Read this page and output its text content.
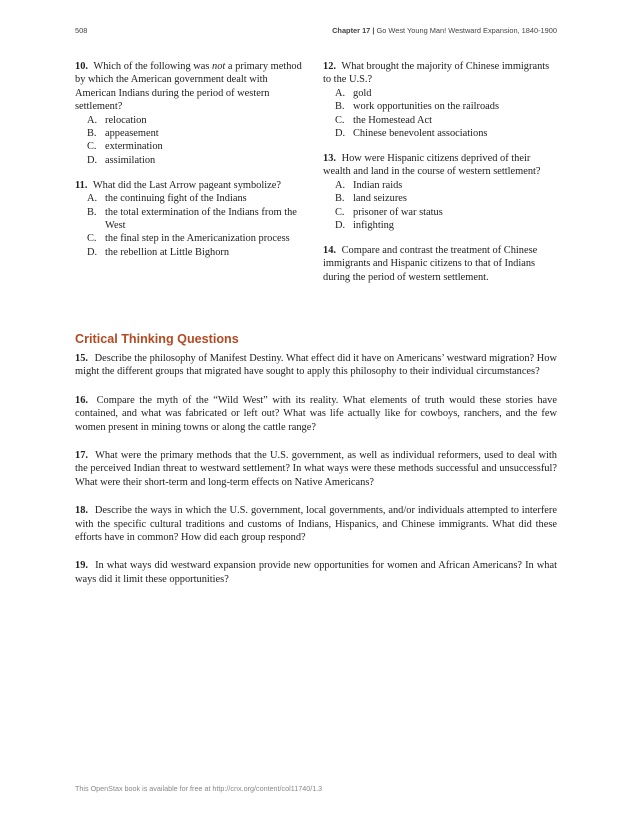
508	Chapter 17 | Go West Young Man! Westward Expansion, 1840-1900
10. Which of the following was not a primary method by which the American government dealt with American Indians during the period of western settlement?
A. relocation
B. appeasement
C. extermination
D. assimilation
11. What did the Last Arrow pageant symbolize?
A. the continuing fight of the Indians
B. the total extermination of the Indians from the West
C. the final step in the Americanization process
D. the rebellion at Little Bighorn
12. What brought the majority of Chinese immigrants to the U.S.?
A. gold
B. work opportunities on the railroads
C. the Homestead Act
D. Chinese benevolent associations
13. How were Hispanic citizens deprived of their wealth and land in the course of western settlement?
A. Indian raids
B. land seizures
C. prisoner of war status
D. infighting
14. Compare and contrast the treatment of Chinese immigrants and Hispanic citizens to that of Indians during the period of western settlement.
Critical Thinking Questions

15. Describe the philosophy of Manifest Destiny. What effect did it have on Americans’ westward migration? How might the different groups that migrated have sought to apply this philosophy to their individual circumstances?

16. Compare the myth of the “Wild West” with its reality. What elements of truth would these stories have contained, and what was fabricated or left out? What was life actually like for cowboys, ranchers, and the few women present in mining towns or along the cattle range?

17. What were the primary methods that the U.S. government, as well as individual reformers, used to deal with the perceived Indian threat to westward settlement? In what ways were these methods successful and unsuccessful? What were their short-term and long-term effects on Native Americans?

18. Describe the ways in which the U.S. government, local governments, and/or individuals attempted to interfere with the specific cultural traditions and customs of Indians, Hispanics, and Chinese immigrants. What did these efforts have in common? How did each group respond?

19. In what ways did westward expansion provide new opportunities for women and African Americans? In what ways did it limit these opportunities?

This OpenStax book is available for free at http://cnx.org/content/col11740/1.3
